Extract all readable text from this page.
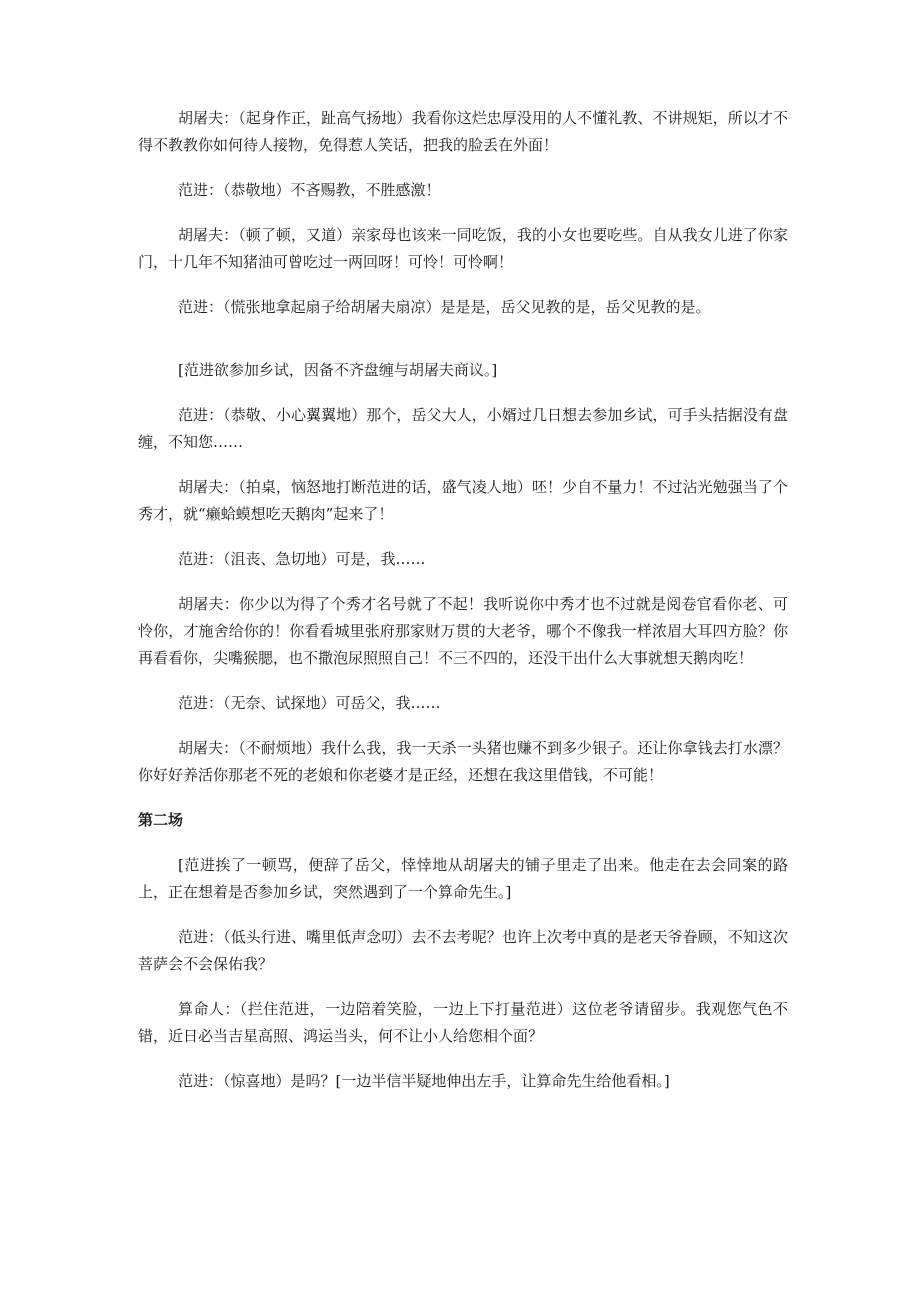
胡屠夫：（起身作正，趾高气扬地）我看你这烂忠厚没用的人不懂礼教、不讲规矩，所以才不得不教教你如何待人接物，免得惹人笑话，把我的脸丢在外面！

范进：（恭敬地）不吝赐教，不胜感激！

胡屠夫：（顿了顿，又道）亲家母也该来一同吃饭，我的小女也要吃些。自从我女儿进了你家门，十几年不知猪油可曾吃过一两回呀！可怜！可怜啊！

范进：（慌张地拿起扇子给胡屠夫扇凉）是是是，岳父见教的是，岳父见教的是。

[范进欲参加乡试，因备不齐盘缠与胡屠夫商议。]

范进：（恭敬、小心翼翼地）那个，岳父大人，小婿过几日想去参加乡试，可手头拮据没有盘缠，不知您……

胡屠夫：（拍桌，恼怒地打断范进的话，盛气凌人地）呸！少自不量力！不过沾光勉强当了个秀才，就“癞蛤蟆想吃天鹅肉”起来了！

范进：（沮丧、急切地）可是，我……

胡屠夫：你少以为得了个秀才名号就了不起！我听说你中秀才也不过就是阅卷官看你老、可怜你，才施舍给你的！你看看城里张府那家财万贯的大老爷，哪个不像我一样浓眉大耳四方脸？你再看看你，尖嘴猴腮，也不撒泡尿照照自己！不三不四的，还没干出什么大事就想天鹅肉吃！

范进：（无奈、试探地）可岳父，我……

胡屠夫：（不耐烦地）我什么我，我一天杀一头猪也赚不到多少银子。还让你拿钱去打水漂？你好好养活你那老不死的老娘和你老婆才是正经，还想在我这里借钱，不可能！

第二场

[范进挨了一顿骂，便辞了岳父，悻悻地从胡屠夫的铺子里走了出来。他走在去会同案的路上，正在想着是否参加乡试，突然遇到了一个算命先生。]

范进：（低头行进、嘴里低声念叨）去不去考呢？也许上次考中真的是老天爷眷顾，不知这次菩萨会不会保佑我？

算命人：（拦住范进，一边陪着笑脸，一边上下打量范进）这位老爷请留步。我观您气色不错，近日必当吉星高照、鸿运当头，何不让小人给您相个面？

范进：（惊喜地）是吗？[一边半信半疑地伸出左手，让算命先生给他看相。]
